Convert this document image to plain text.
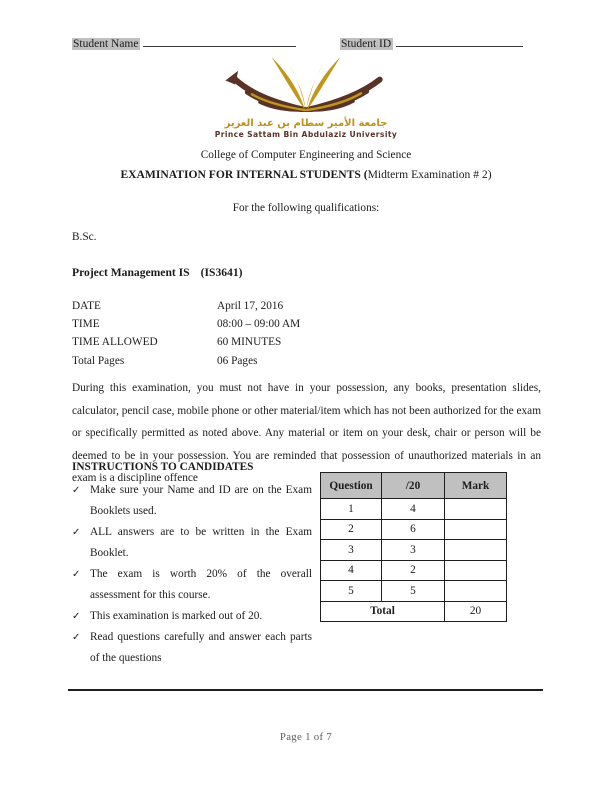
Student Name	Student ID
جامعة الأمير سطام بن عبد العزيز
Prince Sattam Bin Abdulaziz University
College of Computer Engineering and Science
EXAMINATION FOR INTERNAL STUDENTS (Midterm Examination # 2)
For the following qualifications:
B.Sc.
Project Management IS (IS3641)
DATE	April 17, 2016
TIME	08:00 – 09:00 AM
TIME ALLOWED	60 MINUTES
Total Pages	06 Pages
During this examination, you must not have in your possession, any books, presentation slides, calculator, pencil case, mobile phone or other material/item which has not been authorized for the exam or specifically permitted as noted above. Any material or item on your desk, chair or person will be deemed to be in your possession. You are reminded that possession of unauthorized materials in an exam is a discipline offence
INSTRUCTIONS TO CANDIDATES
✓ Make sure your Name and ID are on the Exam Booklets used.
✓ ALL answers are to be written in the Exam Booklet.
✓ The exam is worth 20% of the overall assessment for this course.
✓ This examination is marked out of 20.
✓ Read questions carefully and answer each parts of the questions
Question	/20	Mark
1	4	
2	6	
3	3	
4	2	
5	5	
Total		20
Page 1 of 7
